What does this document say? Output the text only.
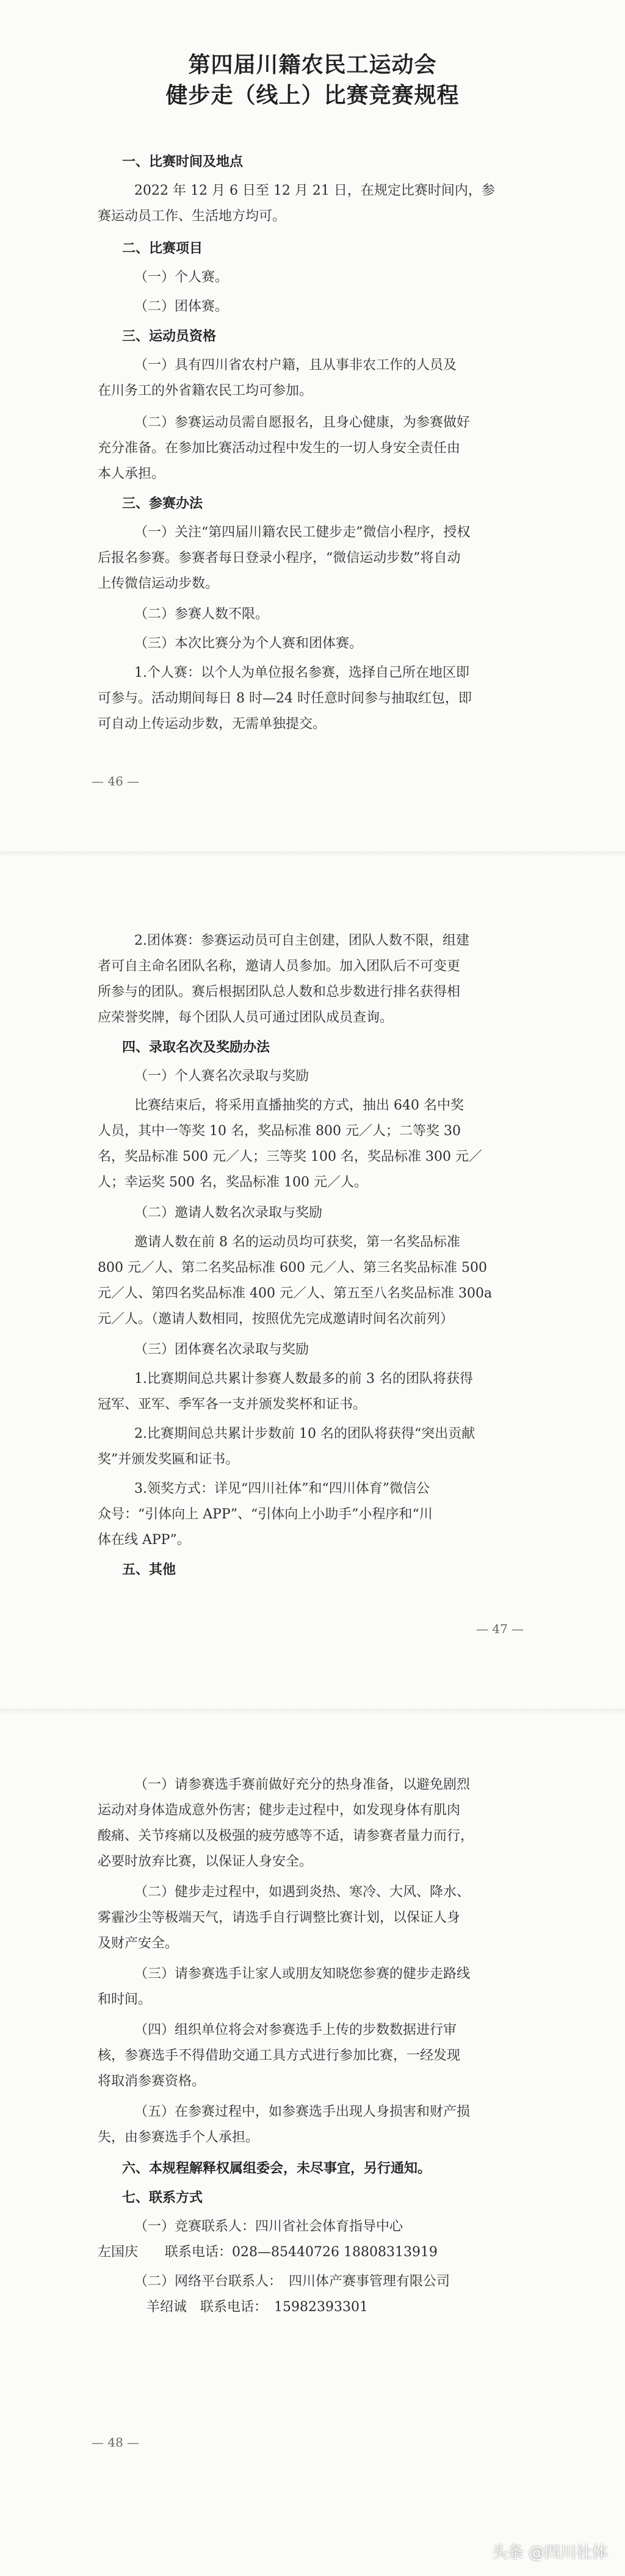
第四届川籍农民工运动会
健步走（线上）比赛竞赛规程
一、比赛时间及地点
2022 年 12 月 6 日至 12 月 21 日，在规定比赛时间内，参
赛运动员工作、生活地方均可。
二、比赛项目
（一）个人赛。
（二）团体赛。
三、运动员资格
（一）具有四川省农村户籍，且从事非农工作的人员及
在川务工的外省籍农民工均可参加。
（二）参赛运动员需自愿报名，且身心健康，为参赛做好
充分准备。在参加比赛活动过程中发生的一切人身安全责任由
本人承担。
三、参赛办法
（一）关注“第四届川籍农民工健步走”微信小程序，授权
后报名参赛。参赛者每日登录小程序，“微信运动步数”将自动
上传微信运动步数。
（二）参赛人数不限。
（三）本次比赛分为个人赛和团体赛。
1.个人赛：以个人为单位报名参赛，选择自己所在地区即
可参与。活动期间每日 8 时—24 时任意时间参与抽取红包，即
可自动上传运动步数，无需单独提交。
— 46 —
2.团体赛：参赛运动员可自主创建，团队人数不限，组建
者可自主命名团队名称，邀请人员参加。加入团队后不可变更
所参与的团队。赛后根据团队总人数和总步数进行排名获得相
应荣誉奖牌，每个团队人员可通过团队成员查询。
四、录取名次及奖励办法
（一）个人赛名次录取与奖励
比赛结束后，将采用直播抽奖的方式，抽出 640 名中奖
人员，其中一等奖 10 名，奖品标准 800 元／人；二等奖 30
名，奖品标准 500 元／人；三等奖 100 名，奖品标准 300 元／
人；幸运奖 500 名，奖品标准 100 元／人。
（二）邀请人数名次录取与奖励
邀请人数在前 8 名的运动员均可获奖，第一名奖品标准
800 元／人、第二名奖品标准 600 元／人、第三名奖品标准 500
元／人、第四名奖品标准 400 元／人、第五至八名奖品标准 300a
元／人。（邀请人数相同，按照优先完成邀请时间名次前列）
（三）团体赛名次录取与奖励
1.比赛期间总共累计参赛人数最多的前 3 名的团队将获得
冠军、亚军、季军各一支并颁发奖杯和证书。
2.比赛期间总共累计步数前 10 名的团队将获得“突出贡献
奖”并颁发奖匾和证书。
3.领奖方式：详见“四川社体”和“四川体育”微信公
众号：“引体向上 APP”、“引体向上小助手”小程序和“川
体在线 APP”。
五、其他
— 47 —
（一）请参赛选手赛前做好充分的热身准备，以避免剧烈
运动对身体造成意外伤害；健步走过程中，如发现身体有肌肉
酸痛、关节疼痛以及极强的疲劳感等不适，请参赛者量力而行，
必要时放弃比赛，以保证人身安全。
（二）健步走过程中，如遇到炎热、寒冷、大风、降水、
雾霾沙尘等极端天气，请选手自行调整比赛计划，以保证人身
及财产安全。
（三）请参赛选手让家人或朋友知晓您参赛的健步走路线
和时间。
（四）组织单位将会对参赛选手上传的步数数据进行审
核，参赛选手不得借助交通工具方式进行参加比赛，一经发现
将取消参赛资格。
（五）在参赛过程中，如参赛选手出现人身损害和财产损
失，由参赛选手个人承担。
六、本规程解释权属组委会，未尽事宜，另行通知。
七、联系方式
（一）竞赛联系人：四川省社会体育指导中心
左国庆　　联系电话：028—85440726 18808313919
（二）网络平台联系人：　四川体产赛事管理有限公司
羊绍诚　联系电话：　15982393301
— 48 —
头条 @四川社体
